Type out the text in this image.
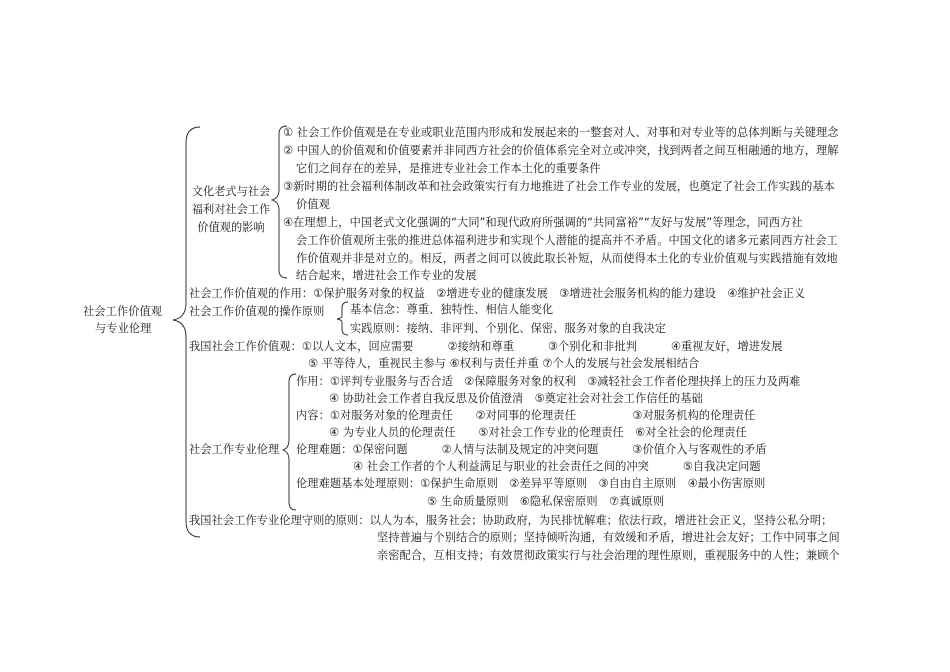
社会工作价值观
与专业伦理
文化老式与社会
福利对社会工作
价值观的影响
① 社会工作价值观是在专业或职业范围内形成和发展起来的一整套对人、对事和对专业等的总体判断与关键理念
② 中国人的价值观和价值要素并非同西方社会的价值体系完全对立或冲突，找到两者之间互相融通的地方，理解
它们之间存在的差异，是推进专业社会工作本土化的重要条件
③新时期的社会福利体制改革和社会政策实行有力地推进了社会工作专业的发展，也奠定了社会工作实践的基本
价值观
④在理想上，中国老式文化强调的“大同”和现代政府所强调的“共同富裕”“友好与发展”等理念，同西方社
会工作价值观所主张的推进总体福利进步和实现个人潜能的提高并不矛盾。中国文化的诸多元素同西方社会工
作价值观并非是对立的。相反，两者之间可以彼此取长补短，从而使得本土化的专业价值观与实践措施有效地
结合起来，增进社会工作专业的发展
社会工作价值观的作用：①保护服务对象的权益　②增进专业的健康发展　③增进社会服务机构的能力建设　④维护社会正义
社会工作价值观的操作原则 基本信念：尊重、独特性、相信人能变化
实践原则：接纳、非评判、个别化、保密、服务对象的自我决定
我国社会工作价值观：①以人文本，回应需要　　　②接纳和尊重　　　③个别化和非批判　　　④重视友好，增进发展
⑤ 平等待人，重视民主参与 ⑥权利与责任并重 ⑦个人的发展与社会发展相结合
社会工作专业伦理
作用：①评判专业服务与否合适　②保障服务对象的权利　③减轻社会工作者伦理抉择上的压力及两难
④ 协助社会工作者自我反思及价值澄清　⑤奠定社会对社会工作信任的基础
内容：①对服务对象的伦理责任　　②对同事的伦理责任　　　　　③对服务机构的伦理责任
④ 为专业人员的伦理责任　　⑤对社会工作专业的伦理责任　⑥对全社会的伦理责任
伦理难题：①保密问题　　　②人情与法制及规定的冲突问题　　　③价值介入与客观性的矛盾
④ 社会工作者的个人利益满足与职业的社会责任之间的冲突　　　⑤自我决定问题
伦理难题基本处理原则：①保护生命原则　②差异平等原则　③自由自主原则　④最小伤害原则
⑤ 生命质量原则　⑥隐私保密原则　⑦真诚原则
我国社会工作专业伦理守则的原则：以人为本，服务社会；协助政府，为民排忧解难；依法行政，增进社会正义，坚持公私分明；
坚持普遍与个别结合的原则；坚持倾听沟通，有效缓和矛盾，增进社会友好；工作中同事之间
亲密配合，互相支持；有效贯彻政策实行与社会治理的理性原则，重视服务中的人性；兼顾个
